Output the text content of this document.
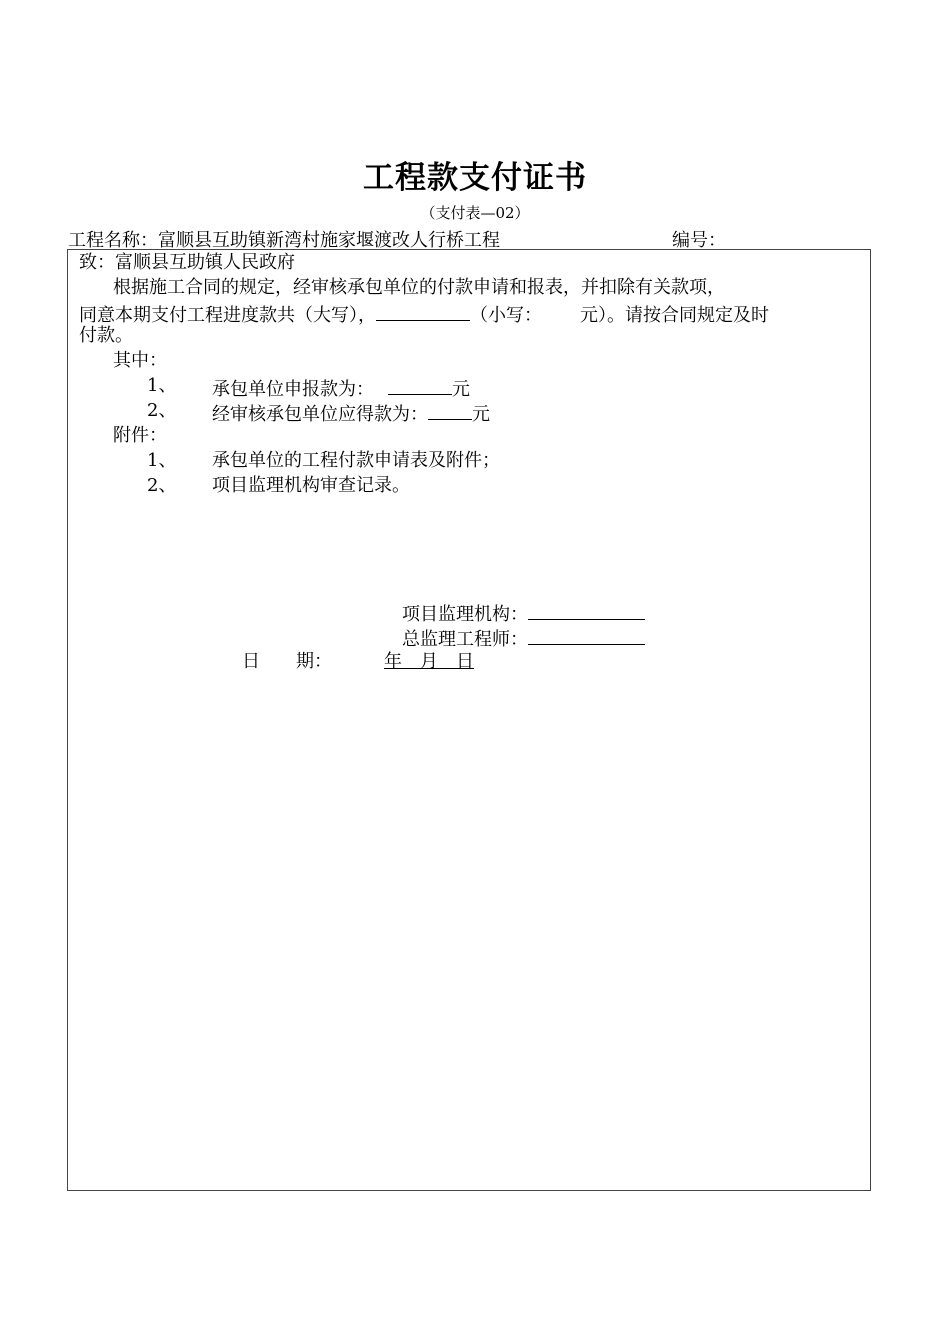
工程款支付证书
（支付表—02）
工程名称：富顺县互助镇新湾村施家堰渡改人行桥工程	编号：
致：富顺县互助镇人民政府
根据施工合同的规定，经审核承包单位的付款申请和报表，并扣除有关款项，
同意本期支付工程进度款共（大写），	（小写： 元）。请按合同规定及时
付款。
其中：
1、 承包单位申报款为：	元
2、 经审核承包单位应得款为： 元
附件：
1、 承包单位的工程付款申请表及附件；
2、 项目监理机构审查记录。
项目监理机构：
总监理工程师：
日　　期：	年　月　日
